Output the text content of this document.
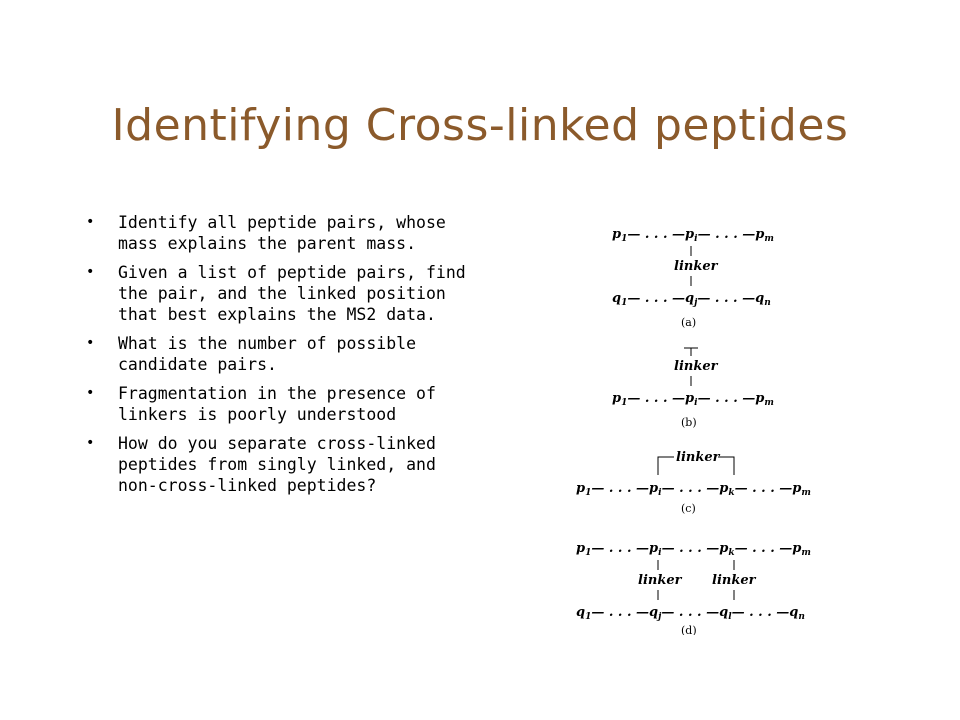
Identifying Cross-linked peptides
• Identify all peptide pairs, whose
mass explains the parent mass.
• Given a list of peptide pairs, find
the pair, and the linked position
that best explains the MS2 data.
• What is the number of possible
candidate pairs.
• Fragmentation in the presence of
linkers is poorly understood
• How do you separate cross-linked
peptides from singly linked, and
non-cross-linked peptides?
$p_1—$ . . . $—p_i—$ . . . $—p_m$
linker
$q_1—$ . . . $—q_j—$ . . . $—q_n$
(a)
linker
$p_1—$ . . . $—p_i—$ . . . $—p_m$
(b)
linker
$p_1—$ . . . $—p_i—$ . . . $—p_k—$ . . . $—p_m$
(c)
$p_1—$ . . . $—p_i—$ . . . $—p_k—$ . . . $—p_m$
linker linker
$q_1—$ . . . $—q_j—$ . . . $—q_l—$ . . . $—q_n$
(d)
